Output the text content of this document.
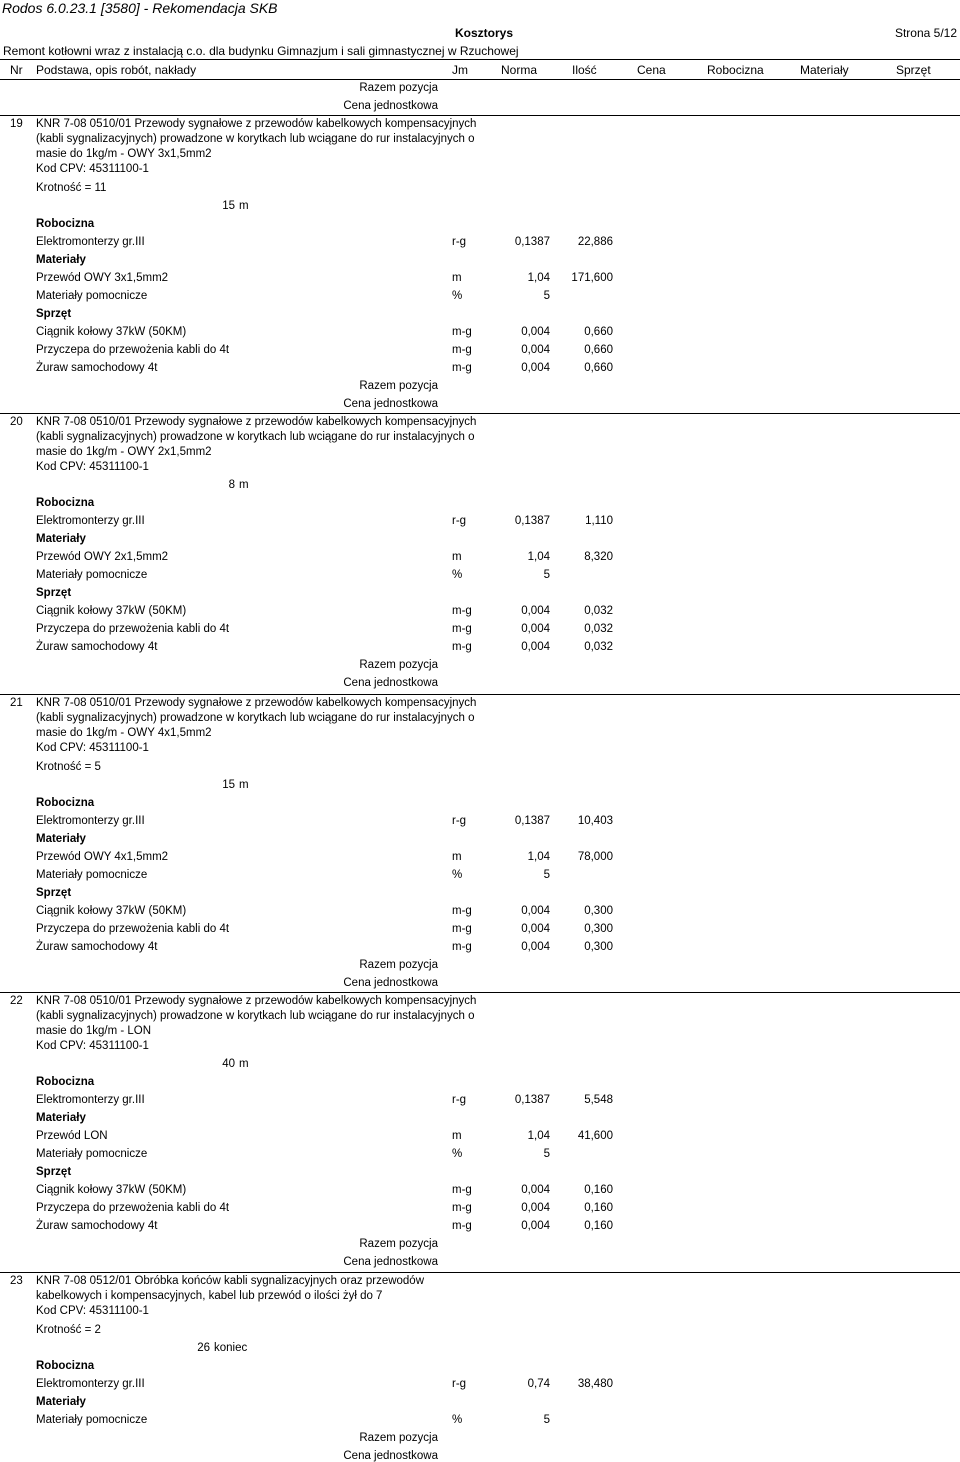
Rodos 6.0.23.1 [3580] - Rekomendacja SKB
Kosztorys	Strona 5/12
Remont kotłowni wraz z instalacją c.o. dla budynku Gimnazjum i sali gimnastycznej w Rzuchowej
Nr Podstawa, opis robót, nakłady	Jm	Norma	Ilość	Cena	Robocizna	Materiały	Sprzęt
Razem pozycja
Cena jednostkowa
19 KNR 7-08 0510/01 Przewody sygnałowe z przewodów kabelkowych kompensacyjnych
(kabli sygnalizacyjnych) prowadzone w korytkach lub wciągane do rur instalacyjnych o
masie do 1kg/m - OWY 3x1,5mm2
Kod CPV: 45311100-1
Krotność = 11
15 m
Robocizna
Elektromonterzy gr.III	r-g	0,1387	22,886
Materiały
Przewód OWY 3x1,5mm2	m	1,04	171,600
Materiały pomocnicze	%	5
Sprzęt
Ciągnik kołowy 37kW (50KM)	m-g	0,004	0,660
Przyczepa do przewożenia kabli do 4t	m-g	0,004	0,660
Żuraw samochodowy 4t	m-g	0,004	0,660
Razem pozycja
Cena jednostkowa
20 KNR 7-08 0510/01 Przewody sygnałowe z przewodów kabelkowych kompensacyjnych
(kabli sygnalizacyjnych) prowadzone w korytkach lub wciągane do rur instalacyjnych o
masie do 1kg/m - OWY 2x1,5mm2
Kod CPV: 45311100-1
8 m
Robocizna
Elektromonterzy gr.III	r-g	0,1387	1,110
Materiały
Przewód OWY 2x1,5mm2	m	1,04	8,320
Materiały pomocnicze	%	5
Sprzęt
Ciągnik kołowy 37kW (50KM)	m-g	0,004	0,032
Przyczepa do przewożenia kabli do 4t	m-g	0,004	0,032
Żuraw samochodowy 4t	m-g	0,004	0,032
Razem pozycja
Cena jednostkowa
21 KNR 7-08 0510/01 Przewody sygnałowe z przewodów kabelkowych kompensacyjnych
(kabli sygnalizacyjnych) prowadzone w korytkach lub wciągane do rur instalacyjnych o
masie do 1kg/m - OWY 4x1,5mm2
Kod CPV: 45311100-1
Krotność = 5
15 m
Robocizna
Elektromonterzy gr.III	r-g	0,1387	10,403
Materiały
Przewód OWY 4x1,5mm2	m	1,04	78,000
Materiały pomocnicze	%	5
Sprzęt
Ciągnik kołowy 37kW (50KM)	m-g	0,004	0,300
Przyczepa do przewożenia kabli do 4t	m-g	0,004	0,300
Żuraw samochodowy 4t	m-g	0,004	0,300
Razem pozycja
Cena jednostkowa
22 KNR 7-08 0510/01 Przewody sygnałowe z przewodów kabelkowych kompensacyjnych
(kabli sygnalizacyjnych) prowadzone w korytkach lub wciągane do rur instalacyjnych o
masie do 1kg/m - LON
Kod CPV: 45311100-1
40 m
Robocizna
Elektromonterzy gr.III	r-g	0,1387	5,548
Materiały
Przewód LON	m	1,04	41,600
Materiały pomocnicze	%	5
Sprzęt
Ciągnik kołowy 37kW (50KM)	m-g	0,004	0,160
Przyczepa do przewożenia kabli do 4t	m-g	0,004	0,160
Żuraw samochodowy 4t	m-g	0,004	0,160
Razem pozycja
Cena jednostkowa
23 KNR 7-08 0512/01 Obróbka końców kabli sygnalizacyjnych oraz przewodów
kabelkowych i kompensacyjnych, kabel lub przewód o ilości żył do 7
Kod CPV: 45311100-1
Krotność = 2
26 koniec
Robocizna
Elektromonterzy gr.III	r-g	0,74	38,480
Materiały
Materiały pomocnicze	%	5
Razem pozycja
Cena jednostkowa
